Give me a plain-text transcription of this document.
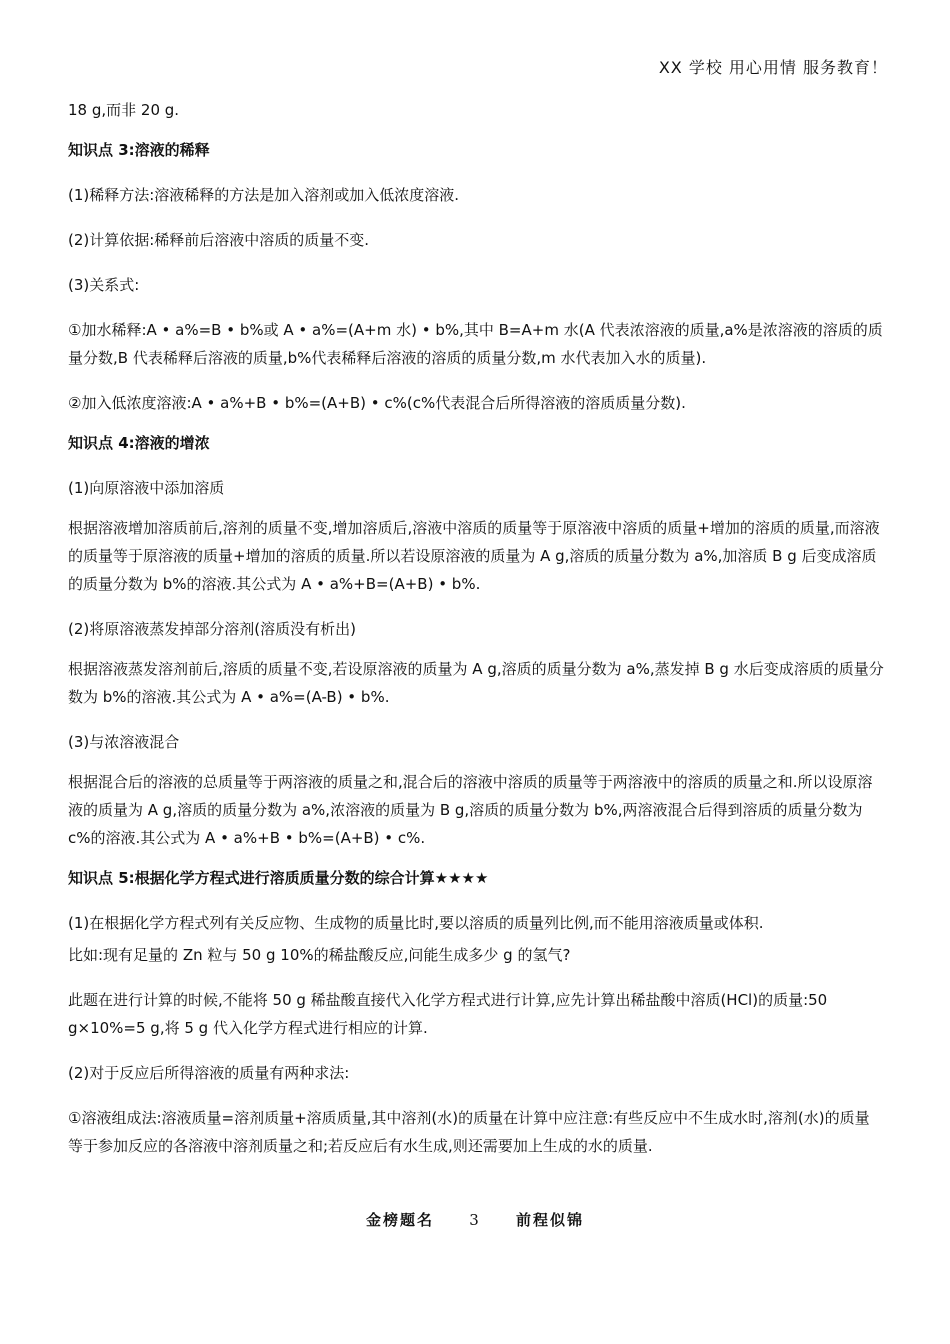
XX 学校 用心用情 服务教育！

18 g,而非 20 g.

知识点 3:溶液的稀释

(1)稀释方法:溶液稀释的方法是加入溶剂或加入低浓度溶液.

(2)计算依据:稀释前后溶液中溶质的质量不变.

(3)关系式:

①加水稀释:A • a%=B • b%或 A • a%=(A+m 水) • b%,其中 B=A+m 水(A 代表浓溶液的质量,a%是浓溶液的溶质的质量分数,B 代表稀释后溶液的质量,b%代表稀释后溶液的溶质的质量分数,m 水代表加入水的质量).

②加入低浓度溶液:A • a%+B • b%=(A+B) • c%(c%代表混合后所得溶液的溶质质量分数).

知识点 4:溶液的增浓

(1)向原溶液中添加溶质

根据溶液增加溶质前后,溶剂的质量不变,增加溶质后,溶液中溶质的质量等于原溶液中溶质的质量+增加的溶质的质量,而溶液的质量等于原溶液的质量+增加的溶质的质量.所以若设原溶液的质量为 A g,溶质的质量分数为 a%,加溶质 B g 后变成溶质的质量分数为 b%的溶液.其公式为 A • a%+B=(A+B) • b%.

(2)将原溶液蒸发掉部分溶剂(溶质没有析出)

根据溶液蒸发溶剂前后,溶质的质量不变,若设原溶液的质量为 A g,溶质的质量分数为 a%,蒸发掉 B g 水后变成溶质的质量分数为 b%的溶液.其公式为 A • a%=(A-B) • b%.

(3)与浓溶液混合

根据混合后的溶液的总质量等于两溶液的质量之和,混合后的溶液中溶质的质量等于两溶液中的溶质的质量之和.所以设原溶液的质量为 A g,溶质的质量分数为 a%,浓溶液的质量为 B g,溶质的质量分数为 b%,两溶液混合后得到溶质的质量分数为 c%的溶液.其公式为 A • a%+B • b%=(A+B) • c%.

知识点 5:根据化学方程式进行溶质质量分数的综合计算★★★★

(1)在根据化学方程式列有关反应物、生成物的质量比时,要以溶质的质量列比例,而不能用溶液质量或体积.

比如:现有足量的 Zn 粒与 50 g 10%的稀盐酸反应,问能生成多少 g 的氢气?

此题在进行计算的时候,不能将 50 g 稀盐酸直接代入化学方程式进行计算,应先计算出稀盐酸中溶质(HCl)的质量:50 g×10%=5 g,将 5 g 代入化学方程式进行相应的计算.

(2)对于反应后所得溶液的质量有两种求法:

①溶液组成法:溶液质量=溶剂质量+溶质质量,其中溶剂(水)的质量在计算中应注意:有些反应中不生成水时,溶剂(水)的质量等于参加反应的各溶液中溶剂质量之和;若反应后有水生成,则还需要加上生成的水的质量.

金榜题名 3 前程似锦
